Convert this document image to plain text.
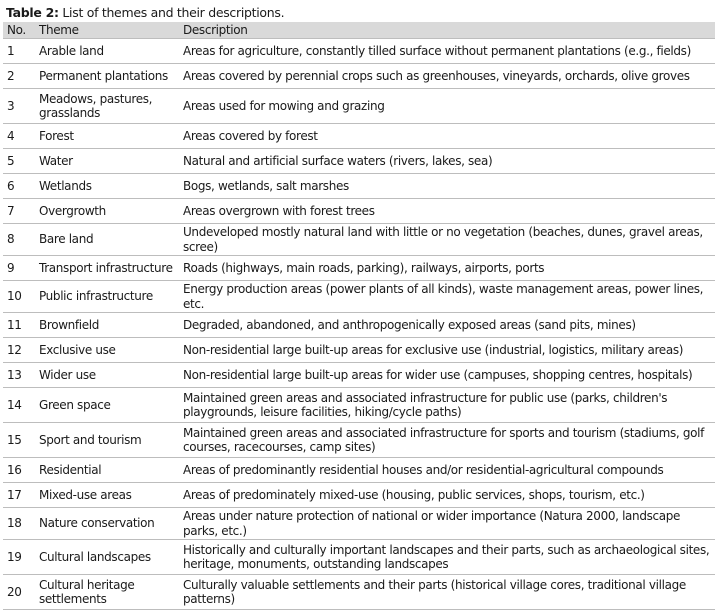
Table 2: List of themes and their descriptions.
No.	Theme	Description
1	Arable land	Areas for agriculture, constantly tilled surface without permanent plantations (e.g., fields)
2	Permanent plantations	Areas covered by perennial crops such as greenhouses, vineyards, orchards, olive groves
3	Meadows, pastures, grasslands	Areas used for mowing and grazing
4	Forest	Areas covered by forest
5	Water	Natural and artificial surface waters (rivers, lakes, sea)
6	Wetlands	Bogs, wetlands, salt marshes
7	Overgrowth	Areas overgrown with forest trees
8	Bare land	Undeveloped mostly natural land with little or no vegetation (beaches, dunes, gravel areas, scree)
9	Transport infrastructure	Roads (highways, main roads, parking), railways, airports, ports
10	Public infrastructure	Energy production areas (power plants of all kinds), waste management areas, power lines, etc.
11	Brownfield	Degraded, abandoned, and anthropogenically exposed areas (sand pits, mines)
12	Exclusive use	Non-residential large built-up areas for exclusive use (industrial, logistics, military areas)
13	Wider use	Non-residential large built-up areas for wider use (campuses, shopping centres, hospitals)
14	Green space	Maintained green areas and associated infrastructure for public use (parks, children's playgrounds, leisure facilities, hiking/cycle paths)
15	Sport and tourism	Maintained green areas and associated infrastructure for sports and tourism (stadiums, golf courses, racecourses, camp sites)
16	Residential	Areas of predominantly residential houses and/or residential-agricultural compounds
17	Mixed-use areas	Areas of predominately mixed-use (housing, public services, shops, tourism, etc.)
18	Nature conservation	Areas under nature protection of national or wider importance (Natura 2000, landscape parks, etc.)
19	Cultural landscapes	Historically and culturally important landscapes and their parts, such as archaeological sites, heritage, monuments, outstanding landscapes
20	Cultural heritage settlements	Culturally valuable settlements and their parts (historical village cores, traditional village patterns)
